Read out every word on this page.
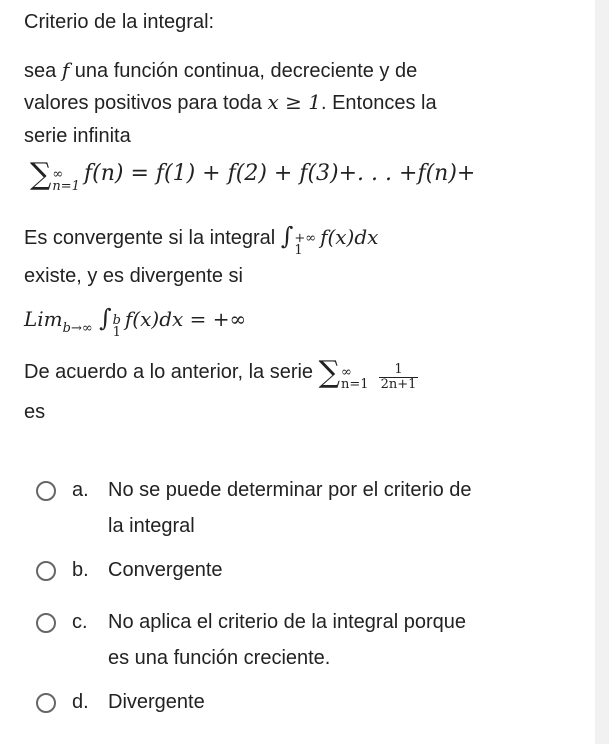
Criterio de la integral:
sea f una función continua, decreciente y de
valores positivos para toda x ≥ 1. Entonces la
serie infinita
∑ ∞
n=1
f(n) = f(1) + f(2) + f(3)+. . . +f(n)+
Es convergente si la integral ∫ +∞
1
f(x)dx
existe, y es divergente si
Lim$_{b\to\infty}$ ∫ b
1
f(x)dx = +∞
De acuerdo a lo anterior, la serie ∑ ∞
$n=1 \frac{1}{2n+1}$
es
a. No se puede determinar por el criterio de
la integral
b. Convergente
c.	No aplica el criterio de la integral porque
es una función creciente.
d. Divergente
